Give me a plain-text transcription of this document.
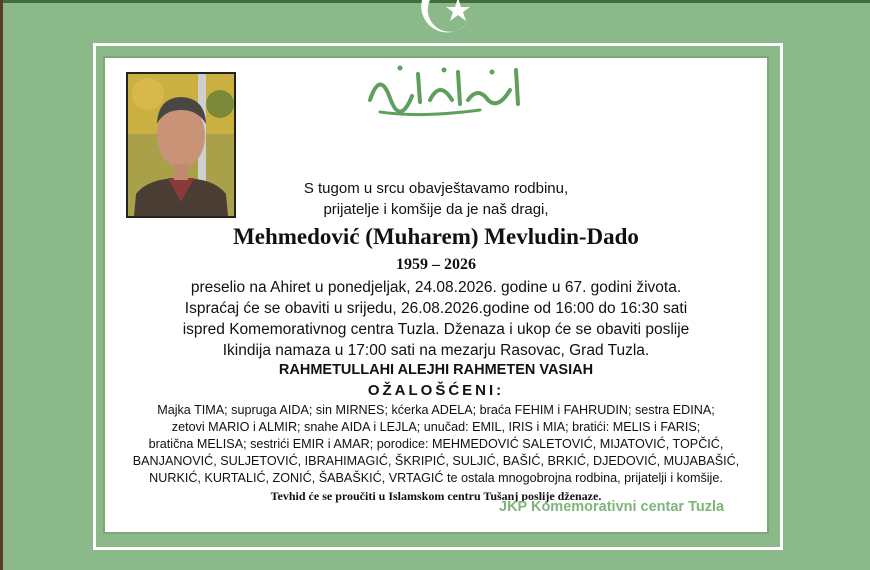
S tugom u srcu obavještavamo rodbinu,
prijatelje i komšije da je naš dragi,
Mehmedović (Muharem) Mevludin-Dado
1959 – 2026
preselio na Ahiret u ponedjeljak, 24.08.2026. godine u 67. godini života.
Ispraćaj će se obaviti u srijedu, 26.08.2026.godine od 16:00 do 16:30 sati
ispred Komemorativnog centra Tuzla. Dženaza i ukop će se obaviti poslije
Ikindija namaza u 17:00 sati na mezarju Rasovac, Grad Tuzla.
RAHMETULLAHI ALEJHI RAHMETEN VASIAH
OŽALOŠĆENI:
Majka TIMA; supruga AIDA; sin MIRNES; kćerka ADELA; braća FEHIM i FAHRUDIN; sestra EDINA;
zetovi MARIO i ALMIR; snahe AIDA i LEJLA; unučad: EMIL, IRIS i MIA; bratići: MELIS i FARIS;
bratična MELISA; sestrići EMIR i AMAR; porodice: MEHMEDOVIĆ SALETOVIĆ, MIJATOVIĆ, TOPČIĆ,
BANJANOVIĆ, SULJETOVIĆ, IBRAHIMAGIĆ, ŠKRIPIĆ, SULJIĆ, BAŠIĆ, BRKIĆ, DJEDOVIĆ, MUJABAŠIĆ,
NURKIĆ, KURTALIĆ, ZONIĆ, ŠABAŠKIĆ, VRTAGIĆ te ostala mnogobrojna rodbina, prijatelji i komšije.
Tevhid će se proučiti u Islamskom centru Tušanj poslije dženaze.
JKP Komemorativni centar Tuzla
